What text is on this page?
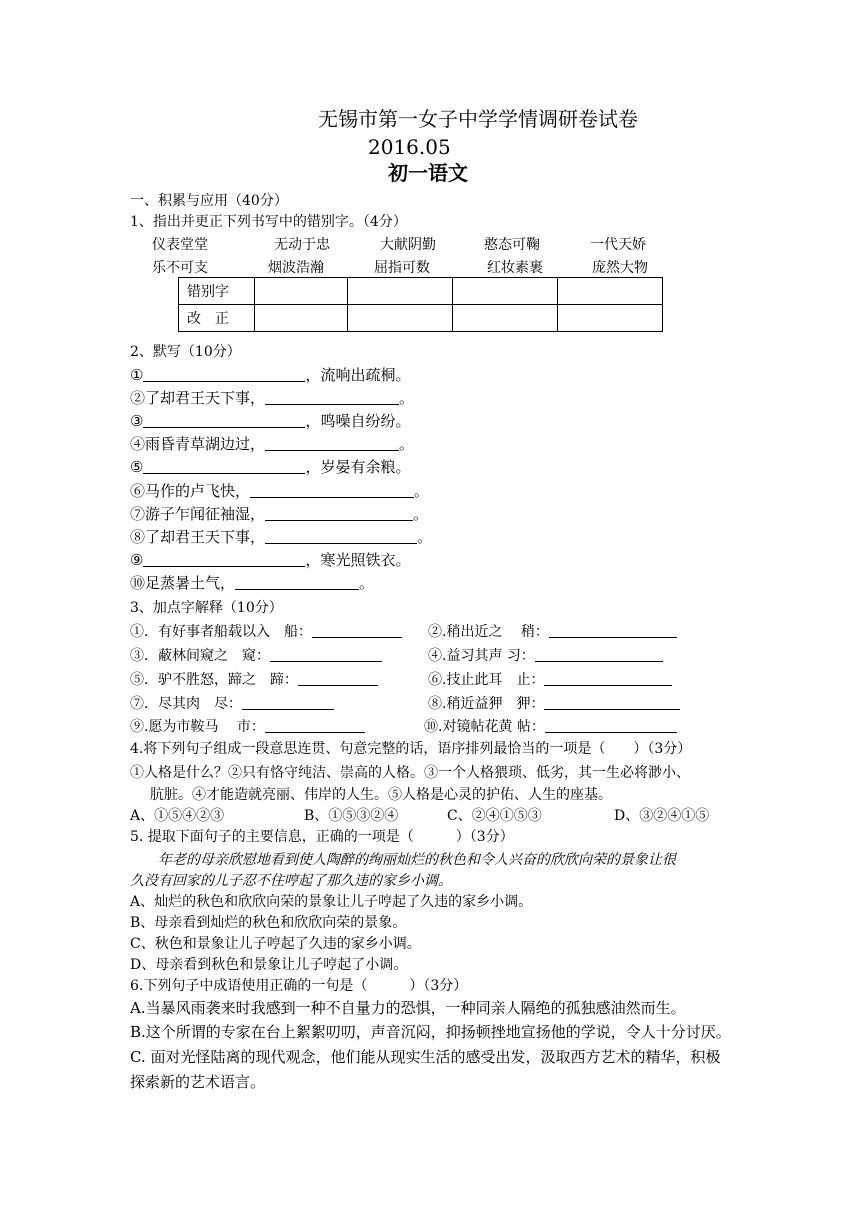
无锡市第一女子中学学情调研卷试卷
2016.05
初一语文
一、积累与应用（40分）
1、指出并更正下列书写中的错别字。（4分）
仪表堂堂	无动于忠	大献阴勤	憨态可鞠	一代天娇
乐不可支	烟波浩瀚	屈指可数	红妆素裹	庞然大物
错别字				
改　正				
2、默写（10分）
①	，流响出疏桐。
②了却君王天下事，	。
③	，鸣噪自纷纷。
④雨昏青草湖边过，	。
⑤	，岁晏有余粮。
⑥马作的卢飞快，	。
⑦游子乍闻征袖湿，	。
⑧了却君王天下事，	。
⑨	，寒光照铁衣。
⑩足蒸暑土气，	。
3、加点字解释（10分）
①．有好事者船载以入　船：	②.稍出近之　 稍：
③．蔽林间窥之　窥：	④.益习其声 习：
⑤．驴不胜怒，蹄之　蹄：	⑥.技止此耳　止：
⑦．尽其肉　尽：	⑧.稍近益狎　狎：
⑨.愿为市鞍马　 市：	⑩.对镜帖花黄 帖：
4.将下列句子组成一段意思连贯、句意完整的话，语序排列最恰当的一项是（　　）（3分）
①人格是什么？②只有恪守纯洁、崇高的人格。③一个人格猥琐、低劣，其一生必将渺小、
肮脏。④才能造就亮丽、伟岸的人生。⑤人格是心灵的护佑、人生的座基。
A、①⑤④②③	B、①⑤③②④	C、②④①⑤③	D、③②④①⑤
5. 提取下面句子的主要信息，正确的一项是（　　　）（3分）
年老的母亲欣慰地看到使人陶醉的绚丽灿烂的秋色和令人兴奋的欣欣向荣的景象让很
久没有回家的儿子忍不住哼起了那久违的家乡小调。
A、灿烂的秋色和欣欣向荣的景象让儿子哼起了久违的家乡小调。
B、母亲看到灿烂的秋色和欣欣向荣的景象。
C、秋色和景象让儿子哼起了久违的家乡小调。
D、母亲看到秋色和景象让儿子哼起了小调。
6.下列句子中成语使用正确的一句是（　　　）（3分）
A.当暴风雨袭来时我感到一种不自量力的恐惧，一种同亲人隔绝的孤独感油然而生。
B.这个所谓的专家在台上絮絮叨叨，声音沉闷，抑扬顿挫地宣扬他的学说，令人十分讨厌。
C. 面对光怪陆离的现代观念，他们能从现实生活的感受出发，汲取西方艺术的精华，积极
探索新的艺术语言。
